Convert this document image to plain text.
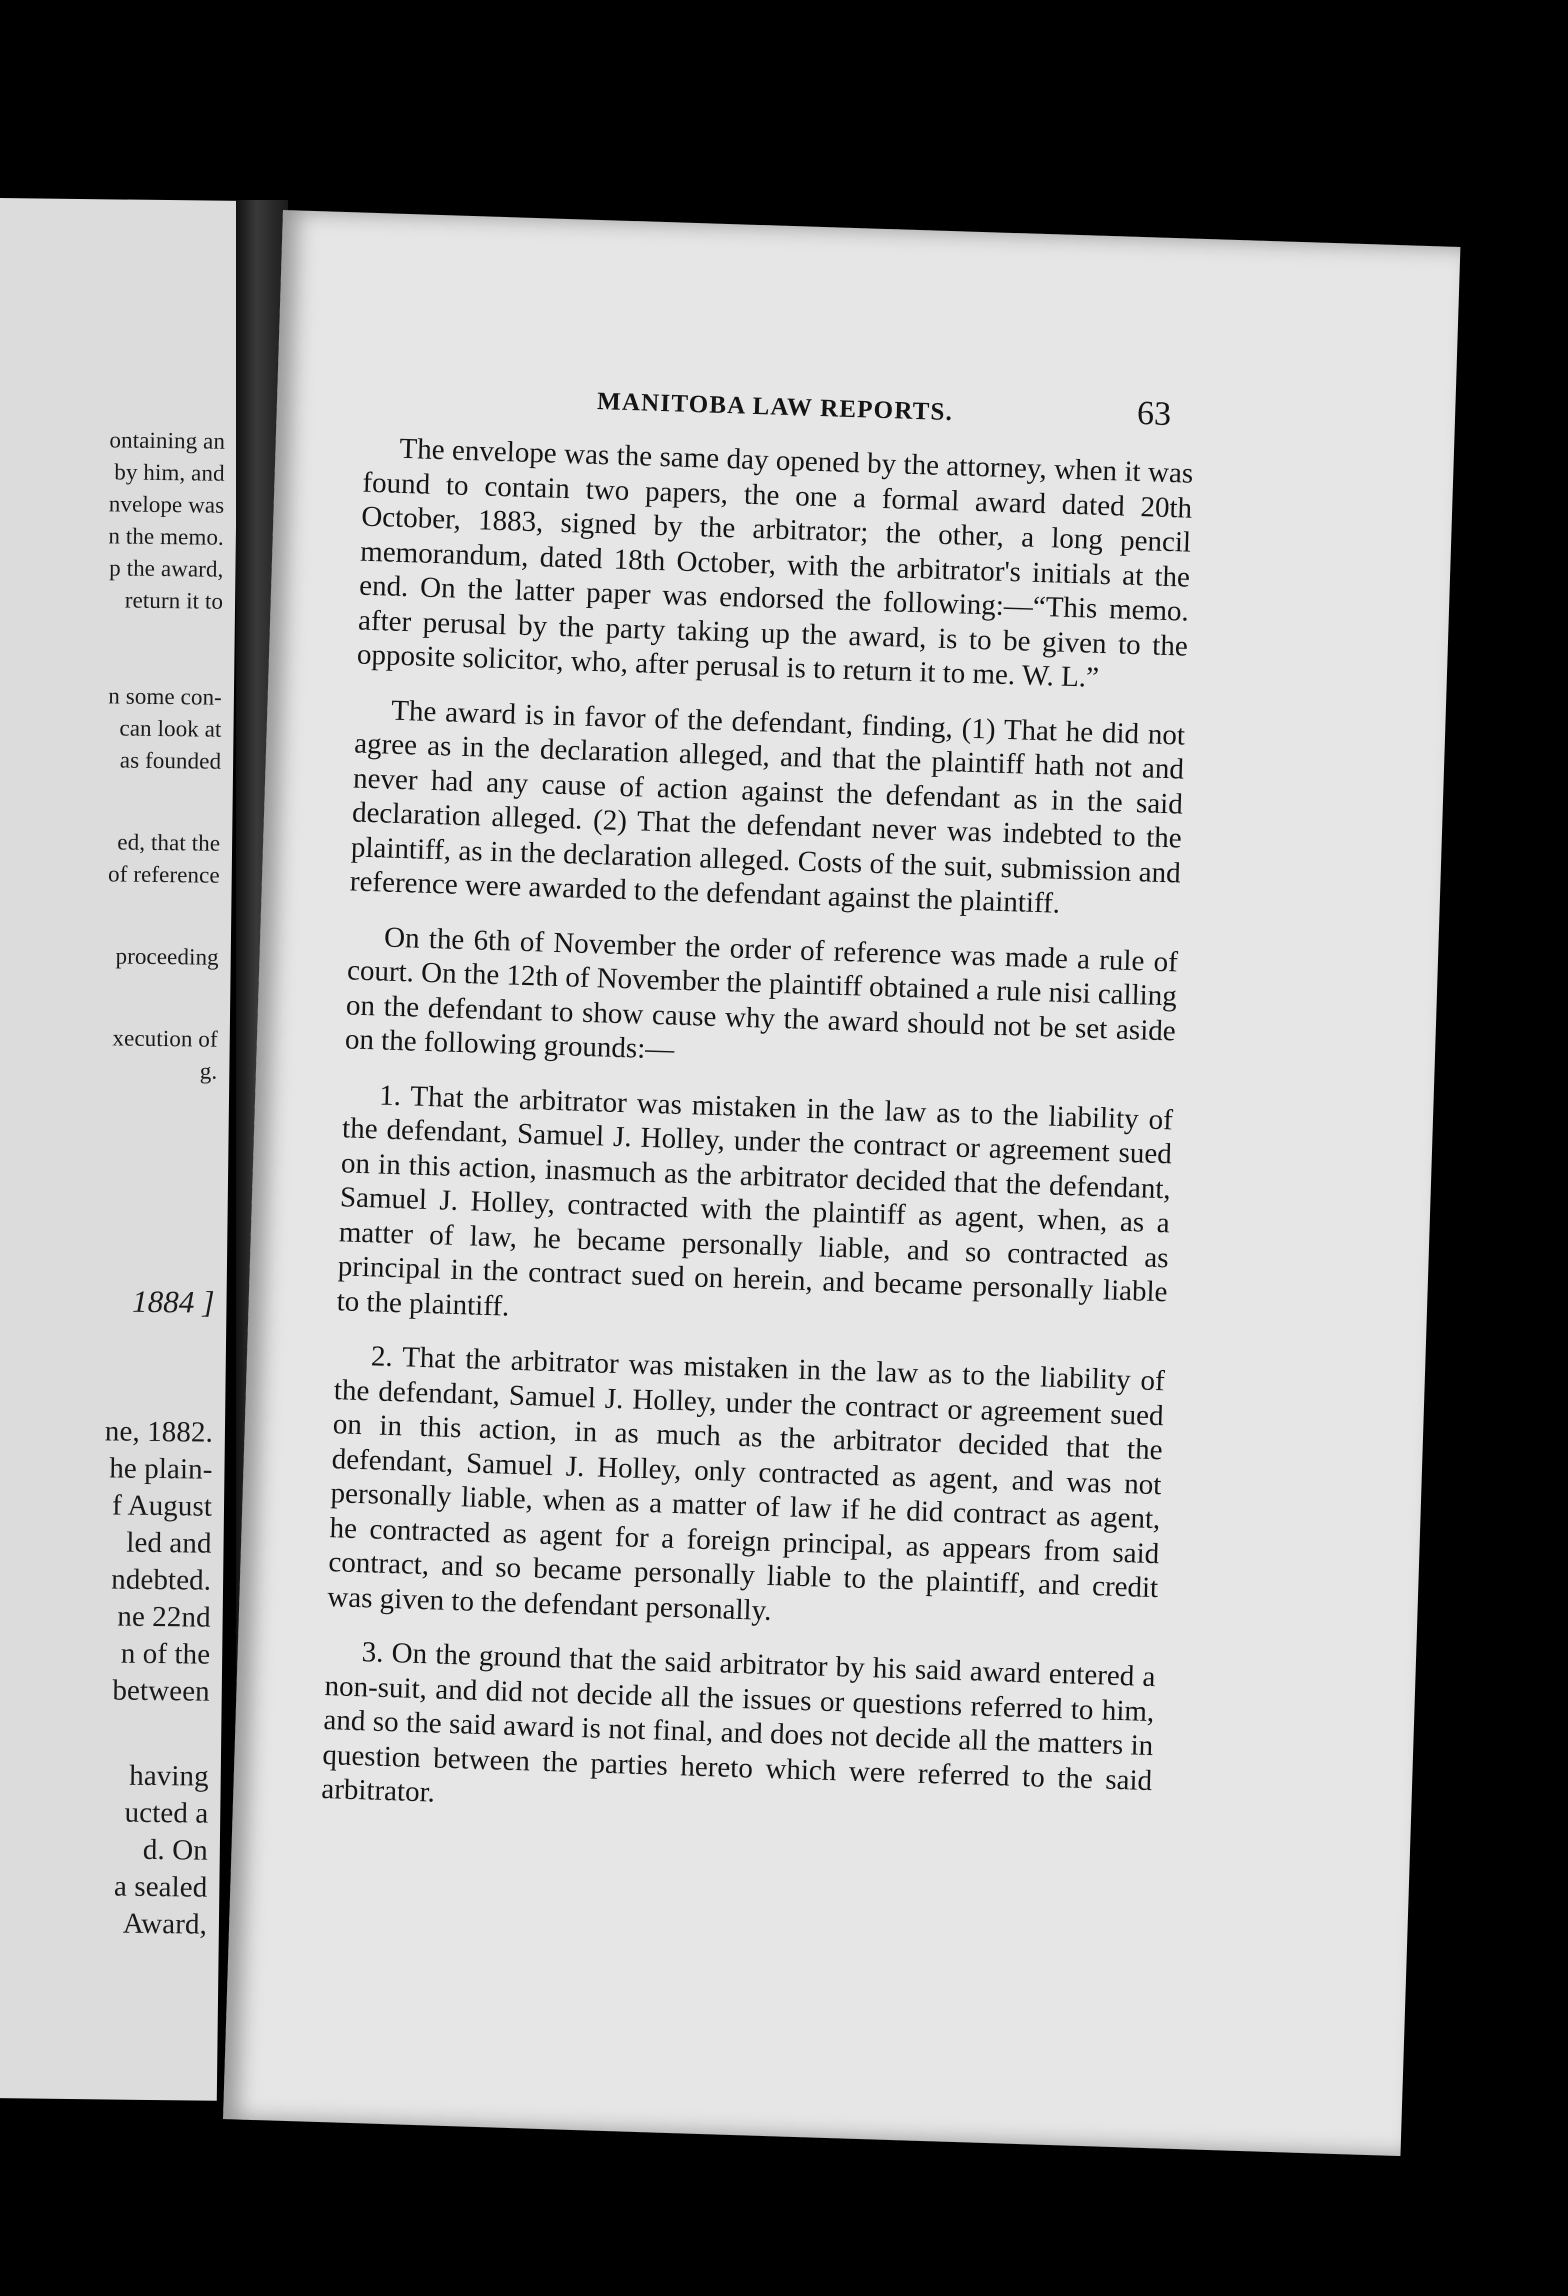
ontaining an
by him, and
nvelope was
n the memo.
p the award,
return it to
n some con-
can look at
as founded
ed, that the
of reference
proceeding
xecution of
g.
1884 ]
ne, 1882.
he plain-
f August
led and
ndebted.
ne 22nd
n of the
between
having
ucted a
d. On
a sealed
Award,
MANITOBA LAW REPORTS.	63

The envelope was the same day opened by the attorney, when it was found to contain two papers, the one a formal award dated 20th October, 1883, signed by the arbitrator; the other, a long pencil memorandum, dated 18th October, with the arbitrator's initials at the end. On the latter paper was endorsed the following:—“This memo. after perusal by the party taking up the award, is to be given to the opposite solicitor, who, after perusal is to return it to me. W. L.”

The award is in favor of the defendant, finding, (1) That he did not agree as in the declaration alleged, and that the plaintiff hath not and never had any cause of action against the defendant as in the said declaration alleged. (2) That the defendant never was indebted to the plaintiff, as in the declaration alleged. Costs of the suit, submission and reference were awarded to the defendant against the plaintiff.

On the 6th of November the order of reference was made a rule of court. On the 12th of November the plaintiff obtained a rule nisi calling on the defendant to show cause why the award should not be set aside on the following grounds:—

1. That the arbitrator was mistaken in the law as to the liability of the defendant, Samuel J. Holley, under the contract or agreement sued on in this action, inasmuch as the arbitrator decided that the defendant, Samuel J. Holley, contracted with the plaintiff as agent, when, as a matter of law, he became personally liable, and so contracted as principal in the contract sued on herein, and became personally liable to the plaintiff.

2. That the arbitrator was mistaken in the law as to the liability of the defendant, Samuel J. Holley, under the contract or agreement sued on in this action, in as much as the arbitrator decided that the defendant, Samuel J. Holley, only contracted as agent, and was not personally liable, when as a matter of law if he did contract as agent, he contracted as agent for a foreign principal, as appears from said contract, and so became personally liable to the plaintiff, and credit was given to the defendant personally.

3. On the ground that the said arbitrator by his said award entered a non-suit, and did not decide all the issues or questions referred to him, and so the said award is not final, and does not decide all the matters in question between the parties hereto which were referred to the said arbitrator.
